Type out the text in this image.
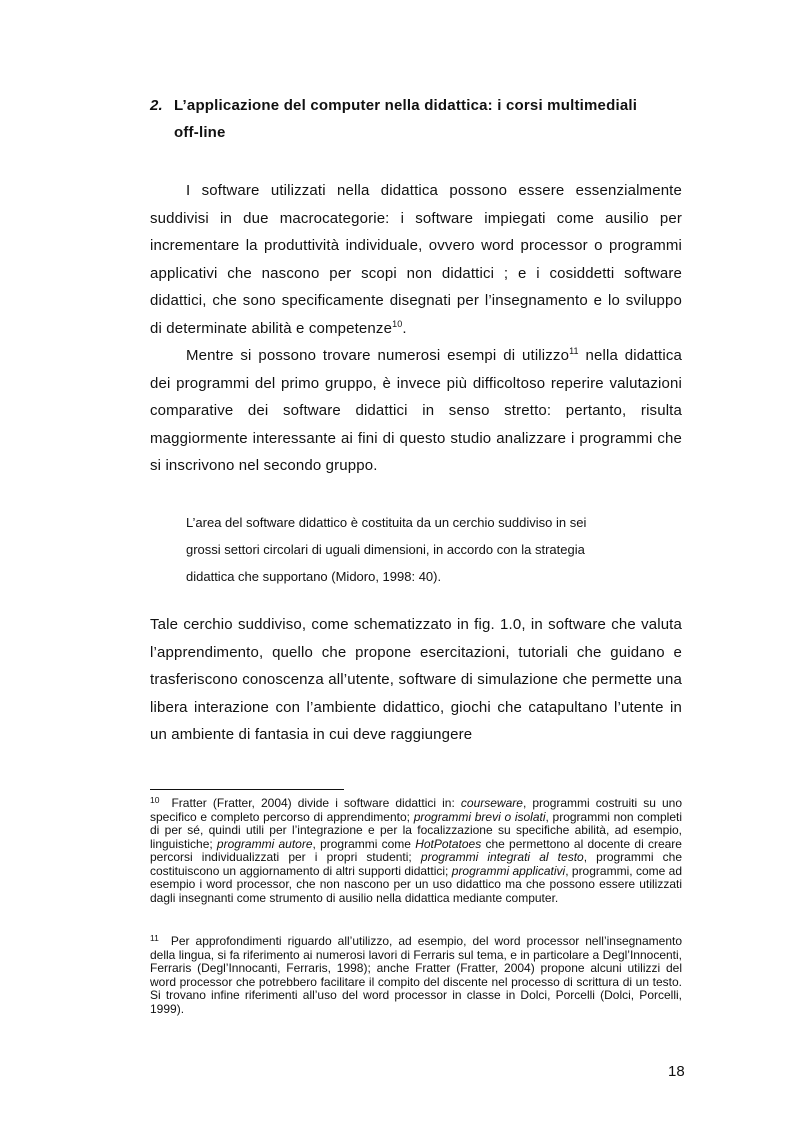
2. L’applicazione del computer nella didattica: i corsi multimediali
off-line
I software utilizzati nella didattica possono essere essenzialmente suddivisi in due macrocategorie: i software impiegati come ausilio per incrementare la produttività individuale, ovvero word processor o programmi applicativi che nascono per scopi non didattici ; e i cosiddetti software didattici, che sono specificamente disegnati per l’insegnamento e lo sviluppo di determinate abilità e competenze$^{10}$.
Mentre si possono trovare numerosi esempi di utilizzo$^{11}$ nella didattica dei programmi del primo gruppo, è invece più difficoltoso reperire valutazioni comparative dei software didattici in senso stretto: pertanto, risulta maggiormente interessante ai fini di questo studio analizzare i programmi che si inscrivono nel secondo gruppo.
L’area del software didattico è costituita da un cerchio suddiviso in sei
grossi settori circolari di uguali dimensioni, in accordo con la strategia
didattica che supportano (Midoro, 1998: 40).
Tale cerchio suddiviso, come schematizzato in fig. 1.0, in software che valuta l’apprendimento, quello che propone esercitazioni, tutoriali che guidano e trasferiscono conoscenza all’utente, software di simulazione che permette una libera interazione con l’ambiente didattico, giochi che catapultano l’utente in un ambiente di fantasia in cui deve raggiungere
$^{10}$ Fratter (Fratter, 2004) divide i software didattici in: courseware, programmi costruiti su uno specifico e completo percorso di apprendimento; programmi brevi o isolati, programmi non completi di per sé, quindi utili per l’integrazione e per la focalizzazione su specifiche abilità, ad esempio, linguistiche; programmi autore, programmi come HotPotatoes che permettono al docente di creare percorsi individualizzati per i propri studenti; programmi integrati al testo, programmi che costituiscono un aggiornamento di altri supporti didattici; programmi applicativi, programmi, come ad esempio i word processor, che non nascono per un uso didattico ma che possono essere utilizzati dagli insegnanti come strumento di ausilio nella didattica mediante computer.
$^{11}$ Per approfondimenti riguardo all’utilizzo, ad esempio, del word processor nell’insegnamento della lingua, si fa riferimento ai numerosi lavori di Ferraris sul tema, e in particolare a Degl’Innocenti, Ferraris (Degl’Innocanti, Ferraris, 1998); anche Fratter (Fratter, 2004) propone alcuni utilizzi del word processor che potrebbero facilitare il compito del discente nel processo di scrittura di un testo. Si trovano infine riferimenti all’uso del word processor in classe in Dolci, Porcelli (Dolci, Porcelli, 1999).
18
